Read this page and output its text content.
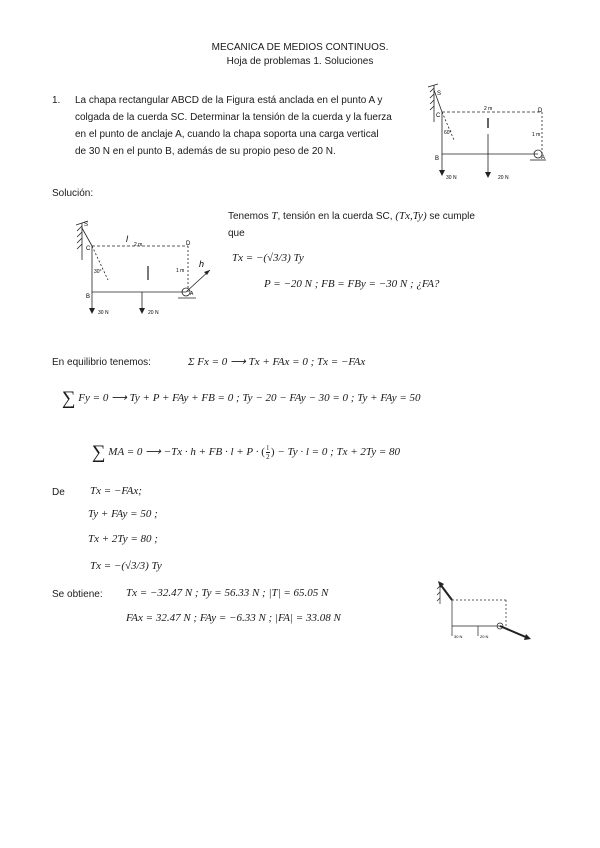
MECANICA DE MEDIOS CONTINUOS.
Hoja de problemas 1. Soluciones
1. La chapa rectangular ABCD de la Figura está anclada en el punto A y
colgada de la cuerda SC. Determinar la tensión de la cuerda y la fuerza
en el punto de anclaje A, cuando la chapa soporta una carga vertical
de 30 N en el punto B, además de su propio peso de 20 N.
S
C
D
B	A
2 m
1 m
60°
30 N	20 N
Solución:
S
C
D
B	A
l
h
2 m
1 m
30°
30 N	20 N
Tenemos T, tensión en la cuerda SC, (Tx,Ty) se cumple
que
Tx = −(√3/3) Ty
P = −20 N ; FB = FBy = −30 N ; ¿FA?
En equilibrio tenemos:	Σ Fx = 0 ⟶ Tx + FAx = 0 ; Tx = −FAx
∑ Fy = 0 ⟶ Ty + P + FAy + FB = 0 ; Ty − 20 − FAy − 30 = 0 ; Ty + FAy = 50
∑ MA = 0 ⟶ −Tx · h + FB · l + P · ( $\frac{l}{2}$ ) − Ty · l = 0 ; Tx + 2Ty = 80
De Tx = −FAx;
Ty + FAy = 50 ;
Tx + 2Ty = 80 ;
Tx = −(√3/3) Ty
Se obtiene: Tx = −32.47 N ; Ty = 56.33 N ; |T| = 65.05 N
FAx = 32.47 N ; FAy = −6.33 N ; |FA| = 33.08 N
30 N	20 N
